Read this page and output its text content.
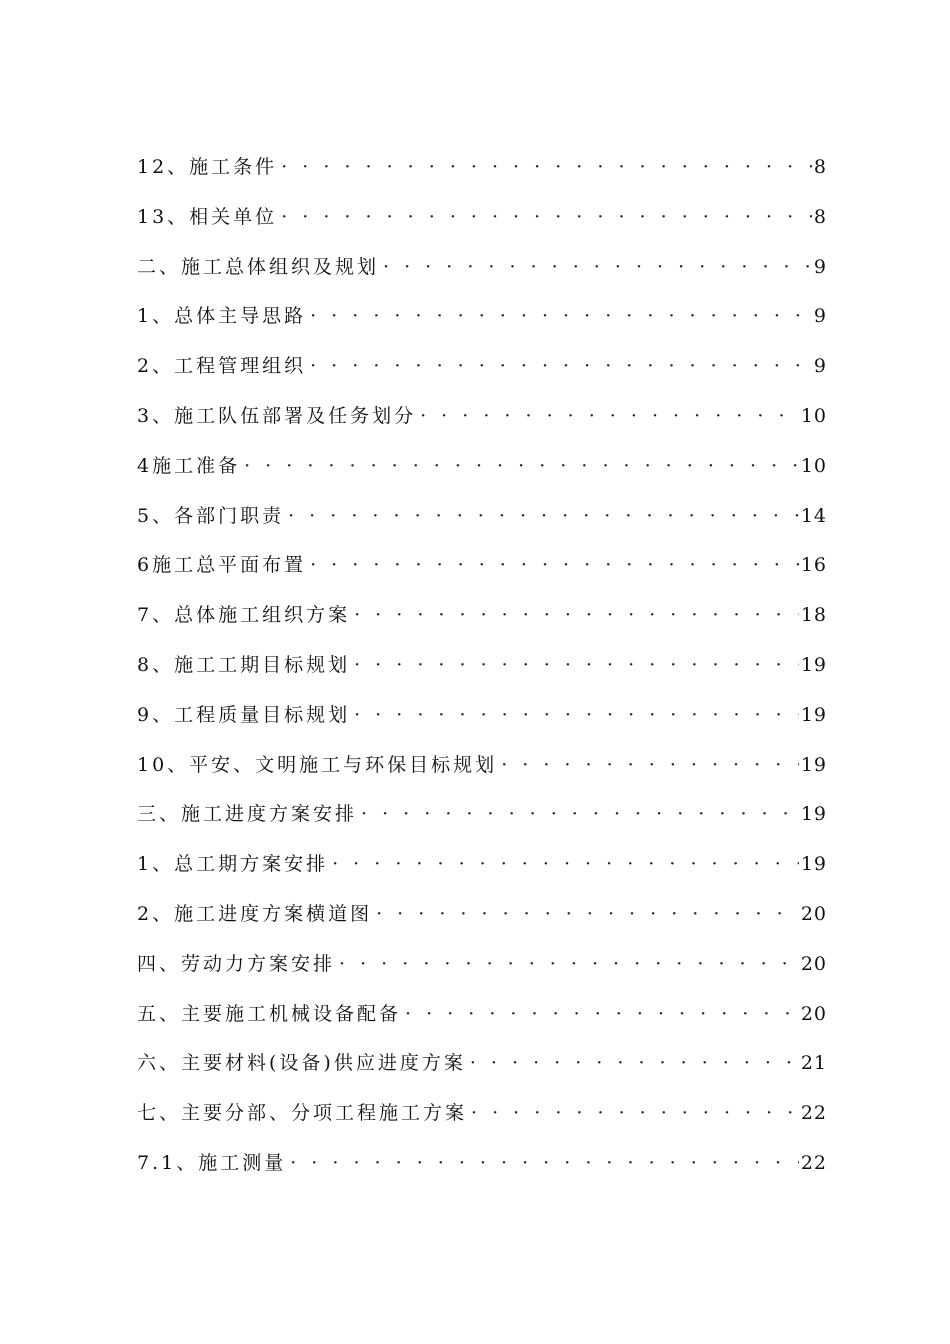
12、施工条件 · · ·	8
13、相关单位 · · ·	8
二、施工总体组织及规划 · · ·	9
1、总体主导思路 · · ·	9
2、工程管理组织 · · ·	9
3、施工队伍部署及任务划分 · · ·	10
4施工准备 · · ·	10
5、各部门职责 · · ·	14
6施工总平面布置 · · ·	16
7、总体施工组织方案 · · ·	18
8、施工工期目标规划 · · ·	19
9、工程质量目标规划 · · ·	19
10、平安、文明施工与环保目标规划 · · ·	19
三、施工进度方案安排 · · ·	19
1、总工期方案安排 · · ·	19
2、施工进度方案横道图 · · ·	20
四、劳动力方案安排 · · ·	20
五、主要施工机械设备配备 · · ·	20
六、主要材料(设备)供应进度方案 · · ·	21
七、主要分部、分项工程施工方案 · · ·	22
7.1、施工测量 · · ·	22
